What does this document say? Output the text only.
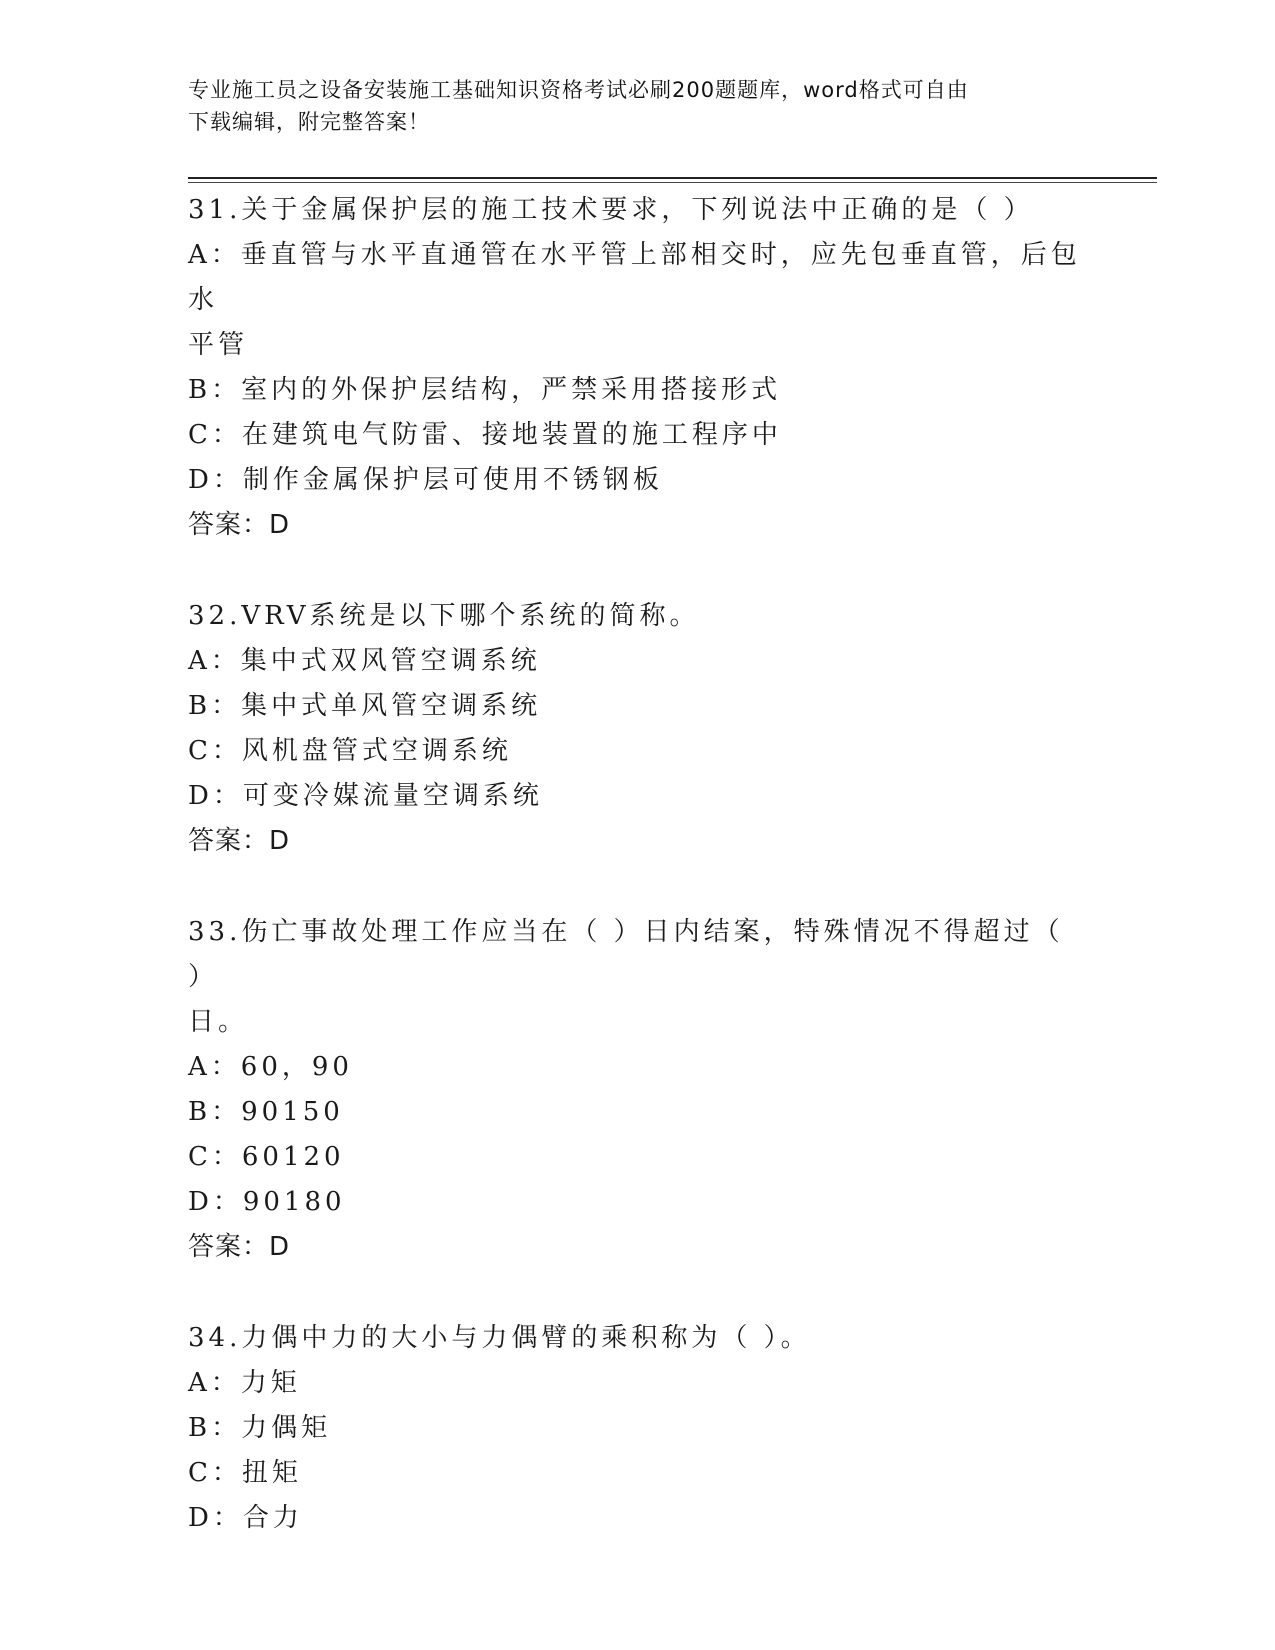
专业施工员之设备安装施工基础知识资格考试必刷200题题库，word格式可自由
下载编辑，附完整答案！

31.关于金属保护层的施工技术要求，下列说法中正确的是（ ）

A：垂直管与水平直通管在水平管上部相交时，应先包垂直管，后包水

平管

B：室内的外保护层结构，严禁采用搭接形式

C：在建筑电气防雷、接地装置的施工程序中

D：制作金属保护层可使用不锈钢板

答案：D

32.VRV系统是以下哪个系统的简称。

A：集中式双风管空调系统

B：集中式单风管空调系统

C：风机盘管式空调系统

D：可变冷媒流量空调系统

答案：D

33.伤亡事故处理工作应当在（ ）日内结案，特殊情况不得超过（ ）

日。

A：60，90

B：90150

C：60120

D：90180

答案：D

34.力偶中力的大小与力偶臂的乘积称为（ ）。

A：力矩

B：力偶矩

C：扭矩

D：合力
